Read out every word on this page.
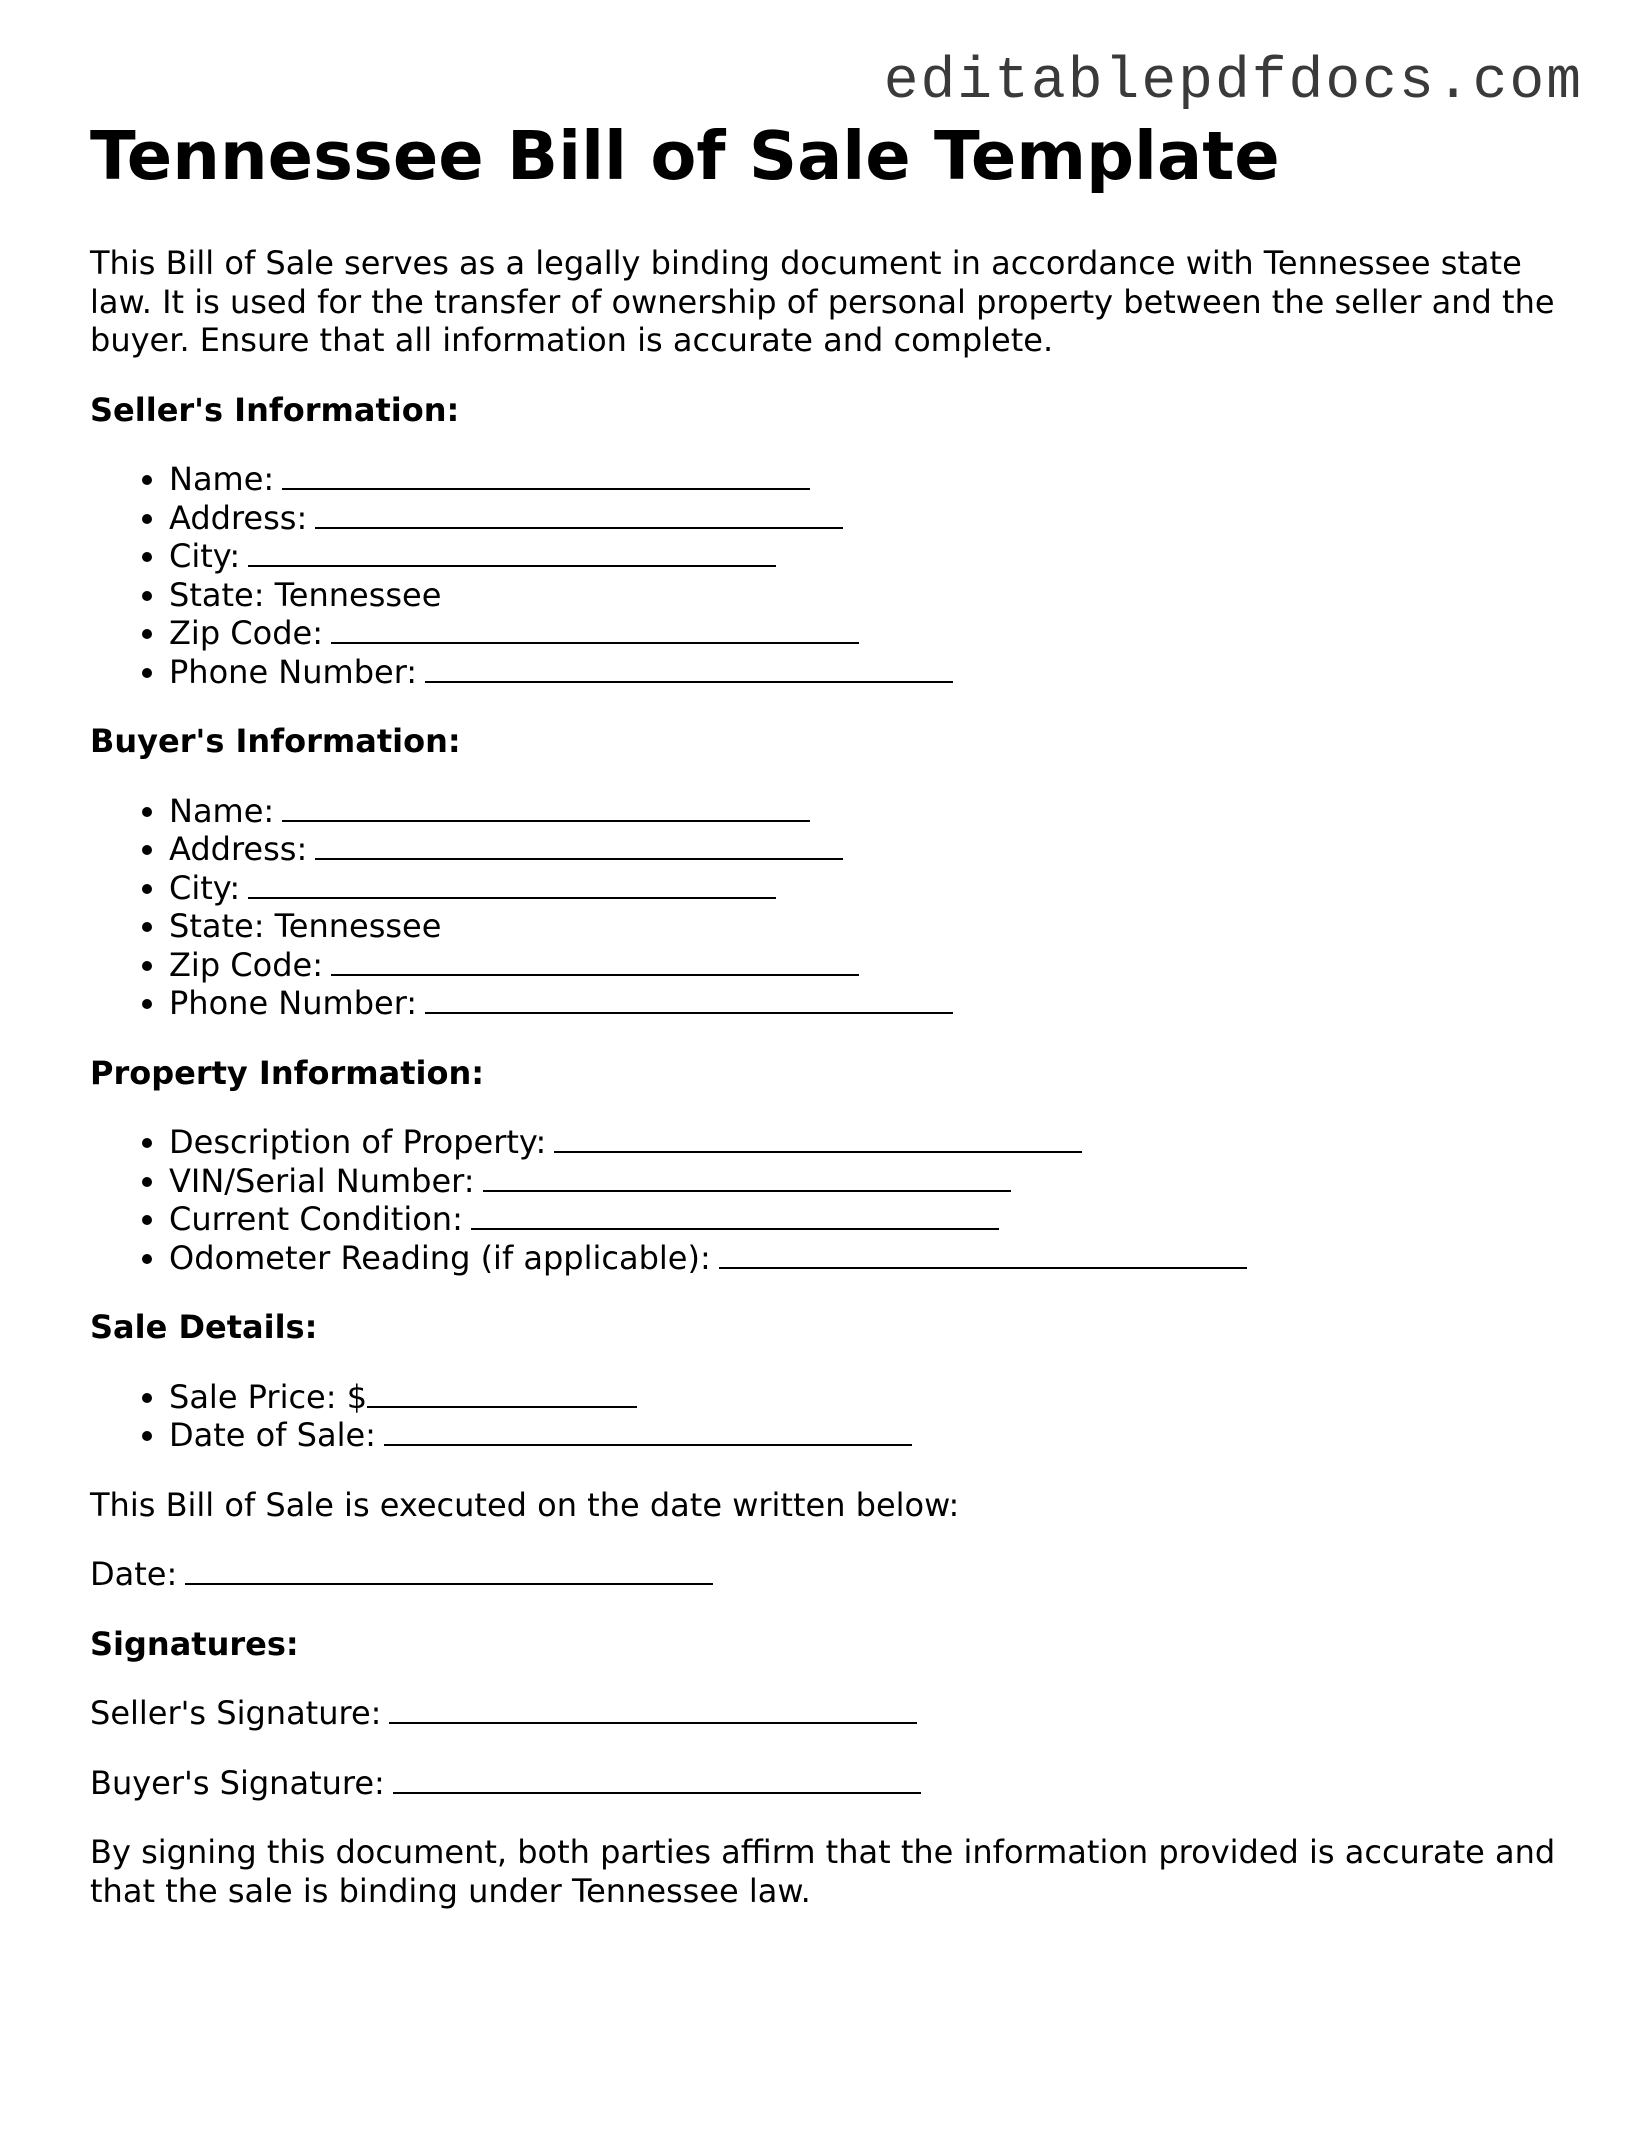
editablepdfdocs.com
Tennessee Bill of Sale Template

This Bill of Sale serves as a legally binding document in accordance with Tennessee state law. It is used for the transfer of ownership of personal property between the seller and the buyer. Ensure that all information is accurate and complete.

Seller's Information:

• Name:
• Address:
• City:
• State: Tennessee
• Zip Code:
• Phone Number:

Buyer's Information:

• Name:
• Address:
• City:
• State: Tennessee
• Zip Code:
• Phone Number:

Property Information:

• Description of Property:
• VIN/Serial Number:
• Current Condition:
• Odometer Reading (if applicable):

Sale Details:

• Sale Price: $
• Date of Sale:

This Bill of Sale is executed on the date written below:

Date:

Signatures:

Seller's Signature:

Buyer's Signature:

By signing this document, both parties affirm that the information provided is accurate and that the sale is binding under Tennessee law.
